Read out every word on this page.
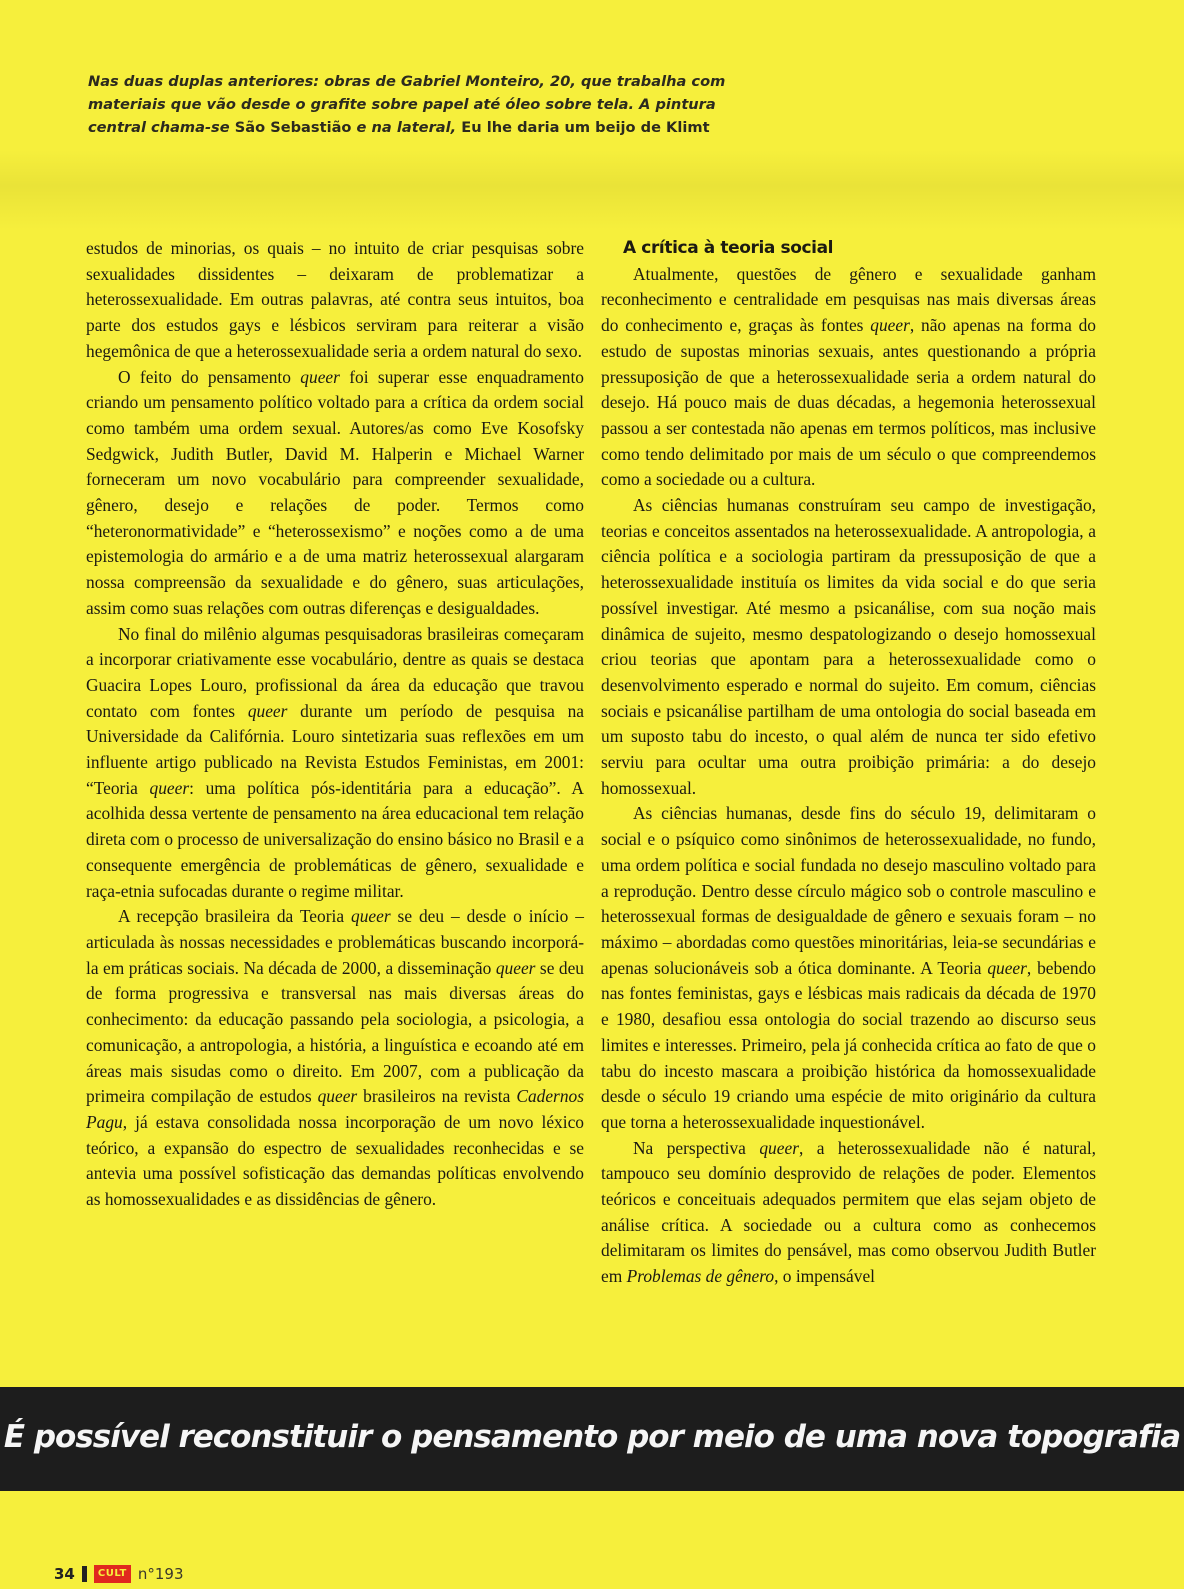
Nas duas duplas anteriores: obras de Gabriel Monteiro, 20, que trabalha com materiais que vão desde o grafite sobre papel até óleo sobre tela. A pintura central chama-se São Sebastião e na lateral, Eu lhe daria um beijo de Klimt

estudos de minorias, os quais – no intuito de criar pesquisas sobre sexualidades dissidentes – deixaram de problematizar a heterossexualidade. Em outras palavras, até contra seus intuitos, boa parte dos estudos gays e lésbicos serviram para reiterar a visão hegemônica de que a heterossexualidade seria a ordem natural do sexo.

O feito do pensamento queer foi superar esse enquadramento criando um pensamento político voltado para a crítica da ordem social como também uma ordem sexual. Autores/as como Eve Kosofsky Sedgwick, Judith Butler, David M. Halperin e Michael Warner forneceram um novo vocabulário para compreender sexualidade, gênero, desejo e relações de poder. Termos como “heteronormatividade” e “heterossexismo” e noções como a de uma epistemologia do armário e a de uma matriz heterossexual alargaram nossa compreensão da sexualidade e do gênero, suas articulações, assim como suas relações com outras diferenças e desigualdades.

No final do milênio algumas pesquisadoras brasileiras começaram a incorporar criativamente esse vocabulário, dentre as quais se destaca Guacira Lopes Louro, profissional da área da educação que travou contato com fontes queer durante um período de pesquisa na Universidade da Califórnia. Louro sintetizaria suas reflexões em um influente artigo publicado na Revista Estudos Feministas, em 2001: “Teoria queer: uma política pós-identitária para a educação”. A acolhida dessa vertente de pensamento na área educacional tem relação direta com o processo de universalização do ensino básico no Brasil e a consequente emergência de problemáticas de gênero, sexualidade e raça-etnia sufocadas durante o regime militar.

A recepção brasileira da Teoria queer se deu – desde o início – articulada às nossas necessidades e problemáticas buscando incorporá-la em práticas sociais. Na década de 2000, a disseminação queer se deu de forma progressiva e transversal nas mais diversas áreas do conhecimento: da educação passando pela sociologia, a psicologia, a comunicação, a antropologia, a história, a linguística e ecoando até em áreas mais sisudas como o direito. Em 2007, com a publicação da primeira compilação de estudos queer brasileiros na revista Cadernos Pagu, já estava consolidada nossa incorporação de um novo léxico teórico, a expansão do espectro de sexualidades reconhecidas e se antevia uma possível sofisticação das demandas políticas envolvendo as homossexualidades e as dissidências de gênero.

A crítica à teoria social

Atualmente, questões de gênero e sexualidade ganham reconhecimento e centralidade em pesquisas nas mais diversas áreas do conhecimento e, graças às fontes queer, não apenas na forma do estudo de supostas minorias sexuais, antes questionando a própria pressuposição de que a heterossexualidade seria a ordem natural do desejo. Há pouco mais de duas décadas, a hegemonia heterossexual passou a ser contestada não apenas em termos políticos, mas inclusive como tendo delimitado por mais de um século o que compreendemos como a sociedade ou a cultura.

As ciências humanas construíram seu campo de investigação, teorias e conceitos assentados na heterossexualidade. A antropologia, a ciência política e a sociologia partiram da pressuposição de que a heterossexualidade instituía os limites da vida social e do que seria possível investigar. Até mesmo a psicanálise, com sua noção mais dinâmica de sujeito, mesmo despatologizando o desejo homossexual criou teorias que apontam para a heterossexualidade como o desenvolvimento esperado e normal do sujeito. Em comum, ciências sociais e psicanálise partilham de uma ontologia do social baseada em um suposto tabu do incesto, o qual além de nunca ter sido efetivo serviu para ocultar uma outra proibição primária: a do desejo homossexual.

As ciências humanas, desde fins do século 19, delimitaram o social e o psíquico como sinônimos de heterossexualidade, no fundo, uma ordem política e social fundada no desejo masculino voltado para a reprodução. Dentro desse círculo mágico sob o controle masculino e heterossexual formas de desigualdade de gênero e sexuais foram – no máximo – abordadas como questões minoritárias, leia-se secundárias e apenas solucionáveis sob a ótica dominante. A Teoria queer, bebendo nas fontes feministas, gays e lésbicas mais radicais da década de 1970 e 1980, desafiou essa ontologia do social trazendo ao discurso seus limites e interesses. Primeiro, pela já conhecida crítica ao fato de que o tabu do incesto mascara a proibição histórica da homossexualidade desde o século 19 criando uma espécie de mito originário da cultura que torna a heterossexualidade inquestionável.

Na perspectiva queer, a heterossexualidade não é natural, tampouco seu domínio desprovido de relações de poder. Elementos teóricos e conceituais adequados permitem que elas sejam objeto de análise crítica. A sociedade ou a cultura como as conhecemos delimitaram os limites do pensável, mas como observou Judith Butler em Problemas de gênero, o impensável

É possível reconstituir o pensamento por meio de uma nova topografia
34	CULT n°193
